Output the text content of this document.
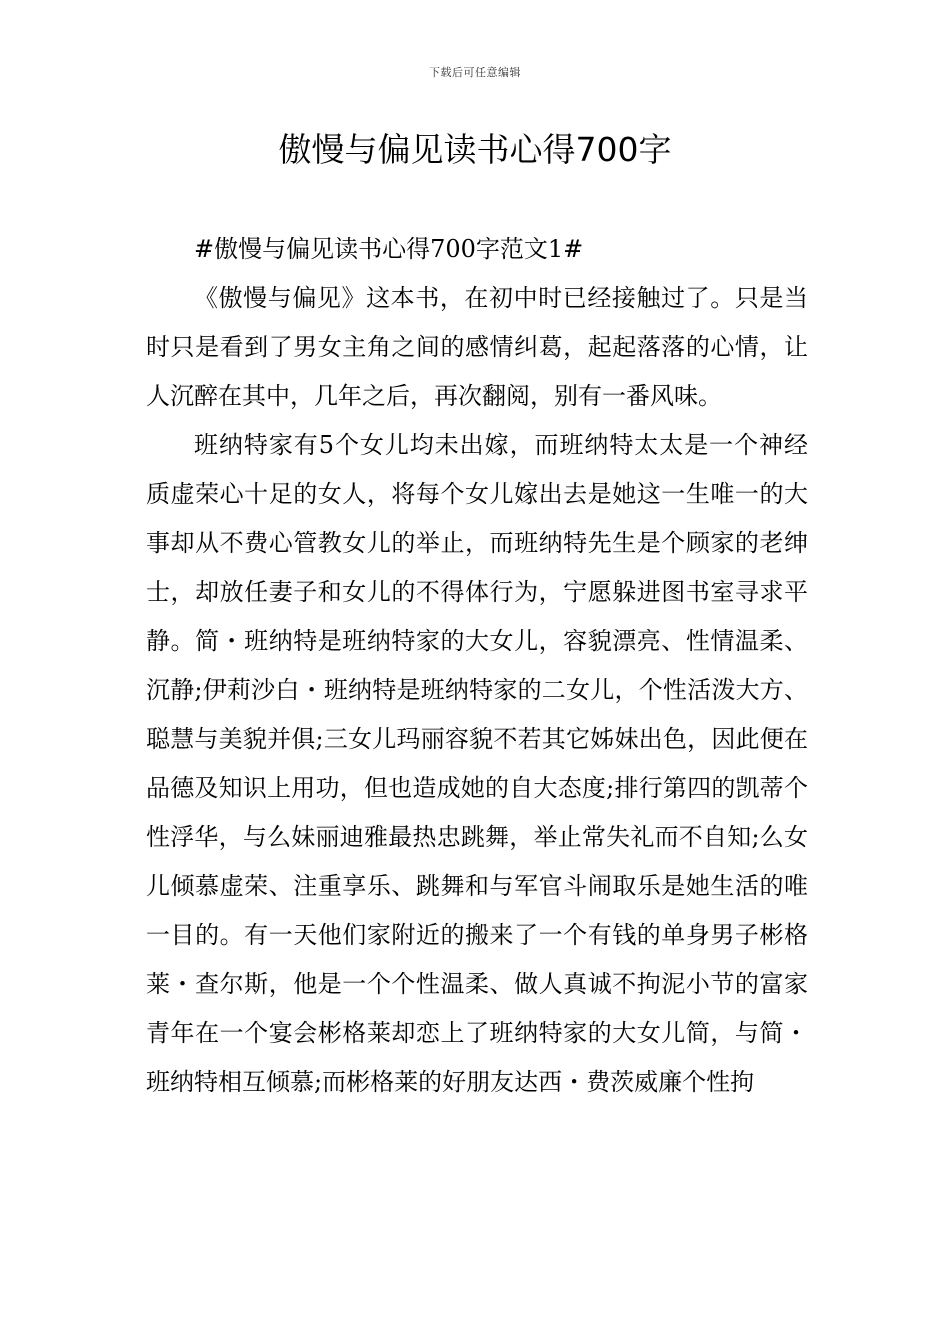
下载后可任意编辑
傲慢与偏见读书心得700字

#傲慢与偏见读书心得700字范文1#

《傲慢与偏见》这本书，在初中时已经接触过了。只是当时只是看到了男女主角之间的感情纠葛，起起落落的心情，让人沉醉在其中，几年之后，再次翻阅，别有一番风味。

班纳特家有5个女儿均未出嫁，而班纳特太太是一个神经质虚荣心十足的女人，将每个女儿嫁出去是她这一生唯一的大事却从不费心管教女儿的举止，而班纳特先生是个顾家的老绅士，却放任妻子和女儿的不得体行为，宁愿躲进图书室寻求平静。简・班纳特是班纳特家的大女儿，容貌漂亮、性情温柔、沉静;伊莉沙白・班纳特是班纳特家的二女儿，个性活泼大方、聪慧与美貌并俱;三女儿玛丽容貌不若其它姊妹出色，因此便在品德及知识上用功，但也造成她的自大态度;排行第四的凯蒂个性浮华，与么妹丽迪雅最热忠跳舞，举止常失礼而不自知;么女儿倾慕虚荣、注重享乐、跳舞和与军官斗闹取乐是她生活的唯一目的。有一天他们家附近的搬来了一个有钱的单身男子彬格莱・查尔斯，他是一个个性温柔、做人真诚不拘泥小节的富家青年在一个宴会彬格莱却恋上了班纳特家的大女儿简，与简・班纳特相互倾慕;而彬格莱的好朋友达西・费茨威廉个性拘
